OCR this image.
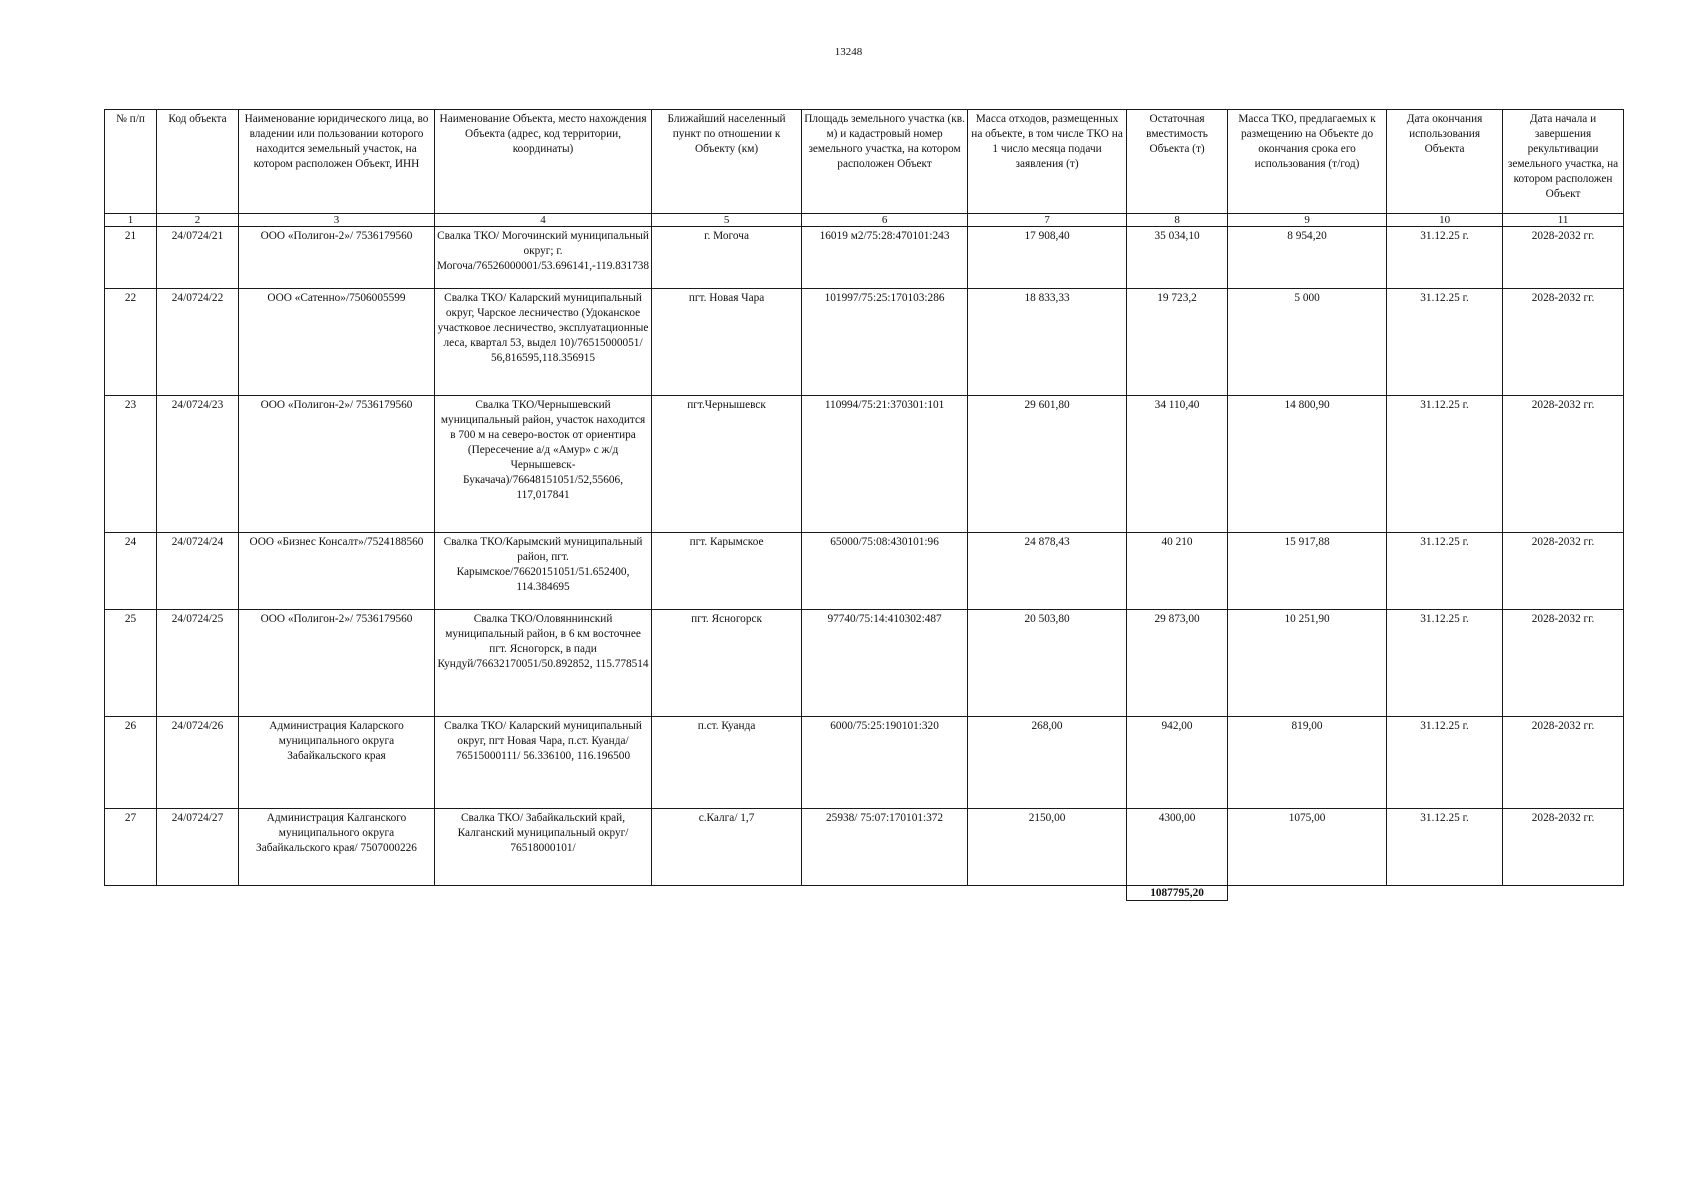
13248
№ п/п	Код объекта	Наименование юридического лица, во владении или пользовании которого находится земельный участок, на котором расположен Объект, ИНН	Наименование Объекта, место нахождения Объекта (адрес, код территории, координаты)	Ближайший населенный пункт по отношении к Объекту (км)	Площадь земельного участка (кв. м) и кадастровый номер земельного участка, на котором расположен Объект	Масса отходов, размещенных на объекте, в том числе ТКО на 1 число месяца подачи заявления (т)	Остаточная вместимость Объекта (т)	Масса ТКО, предлагаемых к размещению на Объекте до окончания срока его использования (т/год)	Дата окончания использования Объекта	Дата начала и завершения рекультивации земельного участка, на котором расположен Объект
1	2	3	4	5	6	7	8	9	10	11
21	24/0724/21	ООО «Полигон-2»/ 7536179560	Свалка ТКО/ Могочинский муниципальный округ; г. Могоча/76526000001/53.696141,-119.831738	г. Могоча	16019 м2/75:28:470101:243	17 908,40	35 034,10	8 954,20	31.12.25 г.	2028-2032 гг.
22	24/0724/22	ООО «Сатенно»/7506005599	Свалка ТКО/ Каларский муниципальный округ, Чарское лесничество (Удоканское участковое лесничество, эксплуатационные леса, квартал 53, выдел 10)/76515000051/ 56,816595,118.356915	пгт. Новая Чара	101997/75:25:170103:286	18 833,33	19 723,2	5 000	31.12.25 г.	2028-2032 гг.
23	24/0724/23	ООО «Полигон-2»/ 7536179560	Свалка ТКО/Чернышевский муниципальный район, участок находится в 700 м на северо-восток от ориентира (Пересечение а/д «Амур» с ж/д Чернышевск-Букачача)/76648151051/52,55606, 117,017841	пгт.Чернышевск	110994/75:21:370301:101	29 601,80	34 110,40	14 800,90	31.12.25 г.	2028-2032 гг.
24	24/0724/24	ООО «Бизнес Консалт»/7524188560	Свалка ТКО/Карымский муниципальный район, пгт. Карымское/76620151051/51.652400, 114.384695	пгт. Карымское	65000/75:08:430101:96	24 878,43	40 210	15 917,88	31.12.25 г.	2028-2032 гг.
25	24/0724/25	ООО «Полигон-2»/ 7536179560	Свалка ТКО/Оловяннинский муниципальный район, в 6 км восточнее пгт. Ясногорск, в пади Кундуй/76632170051/50.892852, 115.778514	пгт. Ясногорск	97740/75:14:410302:487	20 503,80	29 873,00	10 251,90	31.12.25 г.	2028-2032 гг.
26	24/0724/26	Администрация Каларского муниципального округа Забайкальского края	Свалка ТКО/ Каларский муниципальный округ, пгт Новая Чара, п.ст. Куанда/ 76515000111/ 56.336100, 116.196500	п.ст. Куанда	6000/75:25:190101:320	268,00	942,00	819,00	31.12.25 г.	2028-2032 гг.
27	24/0724/27	Администрация Калганского муниципального округа Забайкальского края/ 7507000226	Свалка ТКО/ Забайкальский край, Калганский муниципальный округ/ 76518000101/	с.Калга/ 1,7	25938/ 75:07:170101:372	2150,00	4300,00	1075,00	31.12.25 г.	2028-2032 гг.
							1087795,20			
